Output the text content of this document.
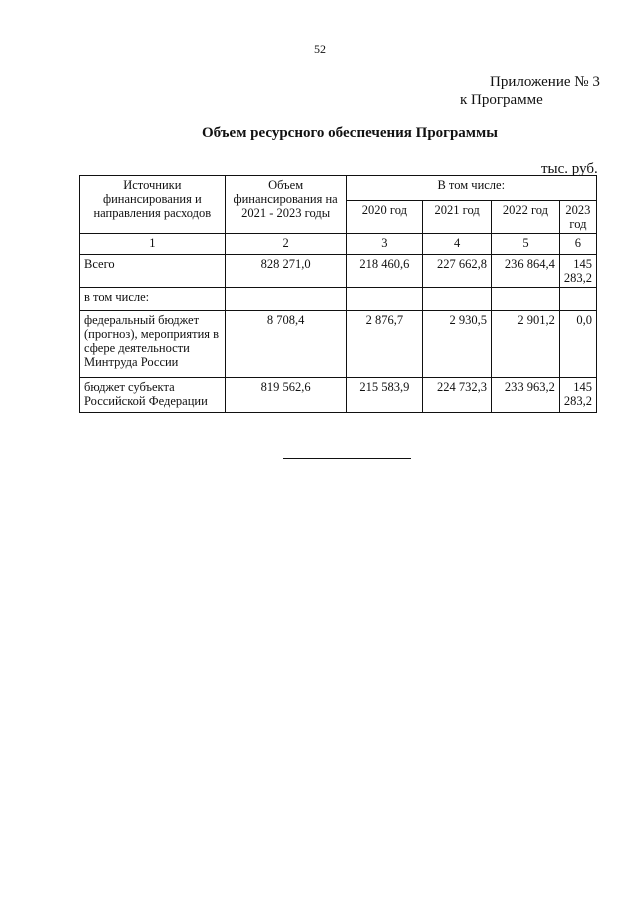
52
Приложение № 3
к Программе
Объем ресурсного обеспечения Программы
тыс. руб.
Источники финансирования и направления расходов	Объем финансирования на 2021 - 2023 годы	В том числе:			
		2020 год	2021 год	2022 год	2023 год
1	2	3	4	5	6
Всего	828 271,0	218 460,6	227 662,8	236 864,4	145 283,2
в том числе:					
федеральный бюджет (прогноз), мероприятия в сфере деятельности Минтруда России	8 708,4	2 876,7	2 930,5	2 901,2	0,0
бюджет субъекта Российской Федерации	819 562,6	215 583,9	224 732,3	233 963,2	145 283,2
